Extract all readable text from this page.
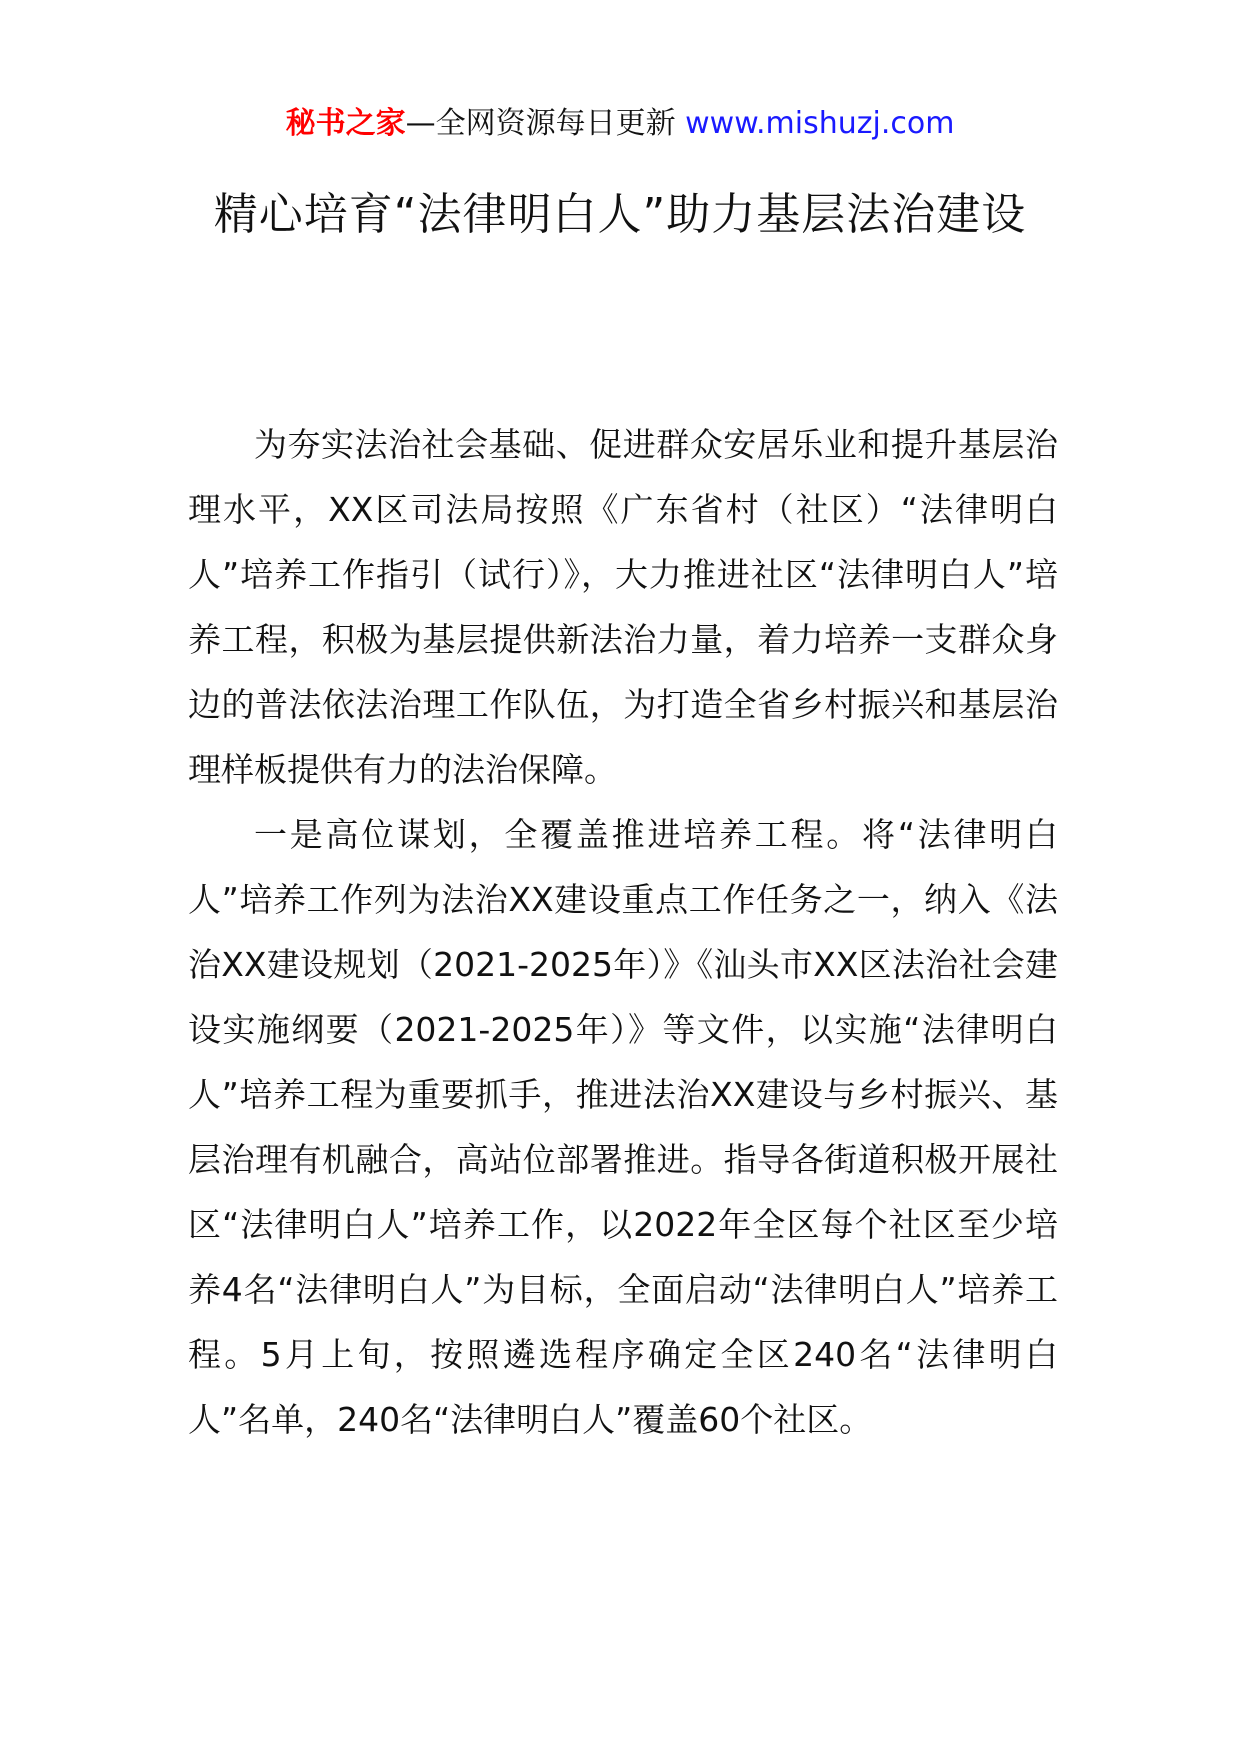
秘书之家—全网资源每日更新 www.mishuzj.com
精心培育“法律明白人”助力基层法治建设

为夯实法治社会基础、促进群众安居乐业和提升基层治理水平，XX区司法局按照《广东省村（社区）“法律明白人”培养工作指引（试行）》，大力推进社区“法律明白人”培养工程，积极为基层提供新法治力量，着力培养一支群众身边的普法依法治理工作队伍，为打造全省乡村振兴和基层治理样板提供有力的法治保障。

一是高位谋划，全覆盖推进培养工程。将“法律明白人”培养工作列为法治XX建设重点工作任务之一，纳入《法治XX建设规划（2021-2025年）》《汕头市XX区法治社会建设实施纲要（2021-2025年）》等文件，以实施“法律明白人”培养工程为重要抓手，推进法治XX建设与乡村振兴、基层治理有机融合，高站位部署推进。指导各街道积极开展社区“法律明白人”培养工作，以2022年全区每个社区至少培养4名“法律明白人”为目标，全面启动“法律明白人”培养工程。5月上旬，按照遴选程序确定全区240名“法律明白人”名单，240名“法律明白人”覆盖60个社区。
